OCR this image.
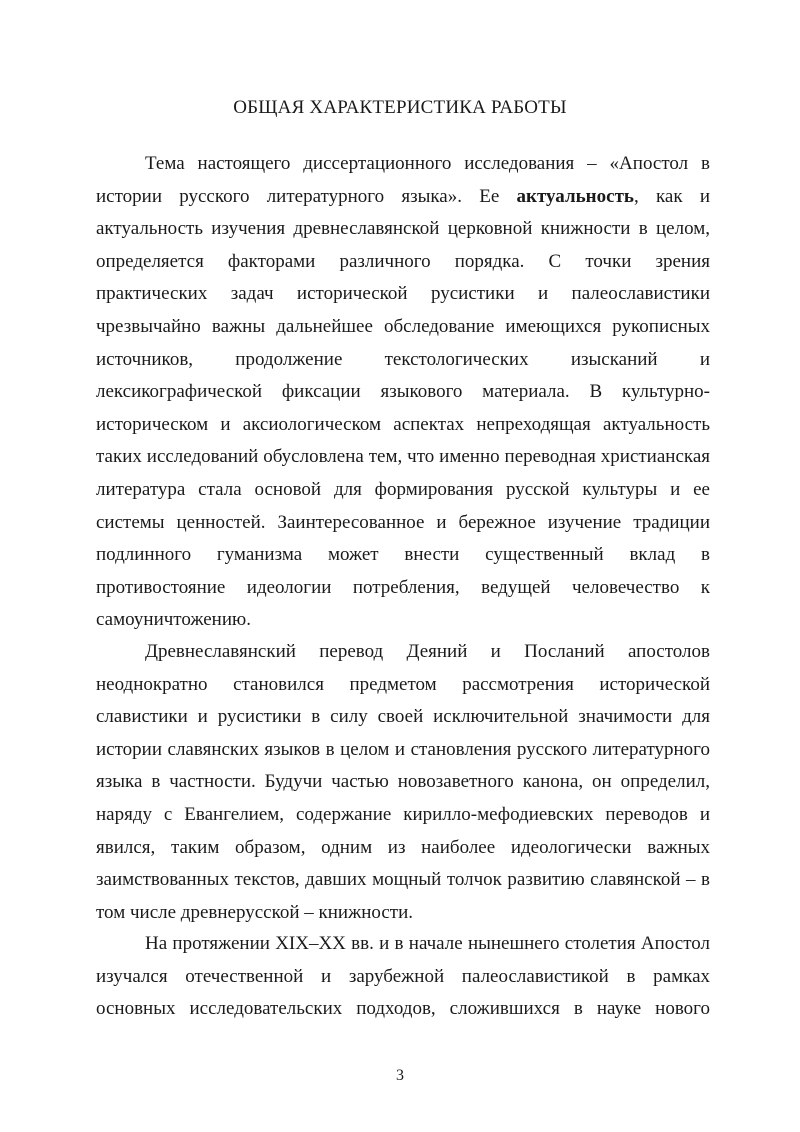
ОБЩАЯ ХАРАКТЕРИСТИКА РАБОТЫ
Тема настоящего диссертационного исследования – «Апостол в
истории русского литературного языка». Ее актуальность, как и
актуальность изучения древнеславянской церковной книжности в целом,
определяется факторами различного порядка. С точки зрения
практических задач исторической русистики и палеославистики
чрезвычайно важны дальнейшее обследование имеющихся рукописных
источников, продолжение текстологических изысканий и
лексикографической фиксации языкового материала. В культурно-
историческом и аксиологическом аспектах непреходящая актуальность
таких исследований обусловлена тем, что именно переводная христианская
литература стала основой для формирования русской культуры и ее
системы ценностей. Заинтересованное и бережное изучение традиции
подлинного гуманизма может внести существенный вклад в
противостояние идеологии потребления, ведущей человечество к
самоуничтожению.
Древнеславянский перевод Деяний и Посланий апостолов
неоднократно становился предметом рассмотрения исторической
славистики и русистики в силу своей исключительной значимости для
истории славянских языков в целом и становления русского литературного
языка в частности. Будучи частью новозаветного канона, он определил,
наряду с Евангелием, содержание кирилло-мефодиевских переводов и
явился, таким образом, одним из наиболее идеологически важных
заимствованных текстов, давших мощный толчок развитию славянской – в
том числе древнерусской – книжности.
На протяжении XIX–XX вв. и в начале нынешнего столетия Апостол
изучался отечественной и зарубежной палеославистикой в рамках
основных исследовательских подходов, сложившихся в науке нового
3
